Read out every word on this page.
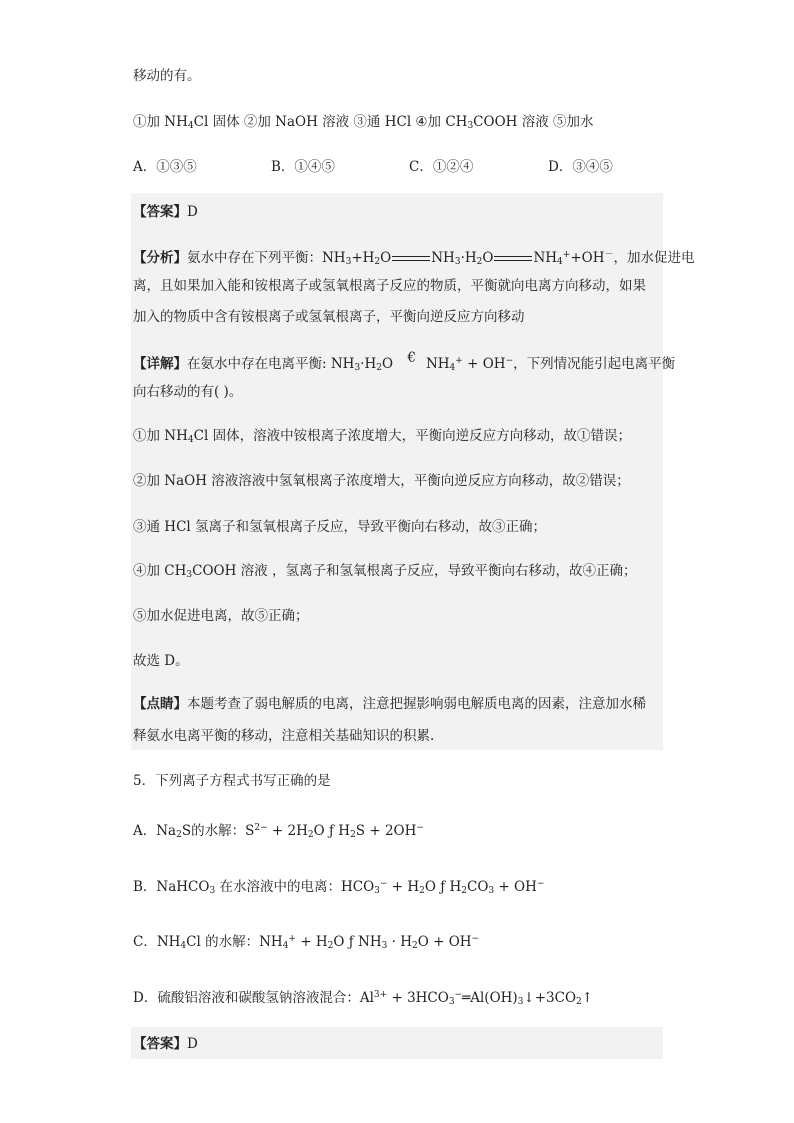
移动的有。
①加 $NH_4Cl$ 固体 ②加 NaOH 溶液 ③通 HCl ④加 $CH_3COOH$ 溶液 ⑤加水
A．①③⑤	B．①④⑤	C．①②④	D．③④⑤
【答案】D
【分析】氨水中存在下列平衡：$NH_3+H_2O$	$NH_3\cdot H_2O$	$NH_4^++OH^-$，加水促进电
离，且如果加入能和铵根离子或氢氧根离子反应的物质，平衡就向电离方向移动，如果
加入的物质中含有铵根离子或氢氧根离子，平衡向逆反应方向移动
【详解】在氨水中存在电离平衡: $NH_3\cdot H_2O$ € $NH_4^+ + OH^-$，下列情况能引起电离平衡
向右移动的有( )。
①加 $NH_4Cl$ 固体，溶液中铵根离子浓度增大，平衡向逆反应方向移动，故①错误；
②加 NaOH 溶液溶液中氢氧根离子浓度增大，平衡向逆反应方向移动，故②错误；
③通 HCl 氢离子和氢氧根离子反应，导致平衡向右移动，故③正确；
④加 $CH_3COOH$ 溶液 ，氢离子和氢氧根离子反应，导致平衡向右移动，故④正确；
⑤加水促进电离，故⑤正确；
故选 D。
【点睛】本题考查了弱电解质的电离，注意把握影响弱电解质电离的因素，注意加水稀
释氨水电离平衡的移动，注意相关基础知识的积累.
5．下列离子方程式书写正确的是
A．$Na_2S$的水解：$S^{2-} + 2H_2O$ ƒ $H_2S + 2OH^-$
B．NaHCO$_3$ 在水溶液中的电离：$HCO_3^- + H_2O$ ƒ $H_2CO_3 + OH^-$
C．$NH_4Cl$ 的水解：$NH_4^+ + H_2O$ ƒ $NH_3 \cdot H_2O + OH^-$
D．硫酸铝溶液和碳酸氢钠溶液混合：$Al^{3+}$ + $3HCO_3^-═Al(OH)_3↓+3CO_2↑$
【答案】D
